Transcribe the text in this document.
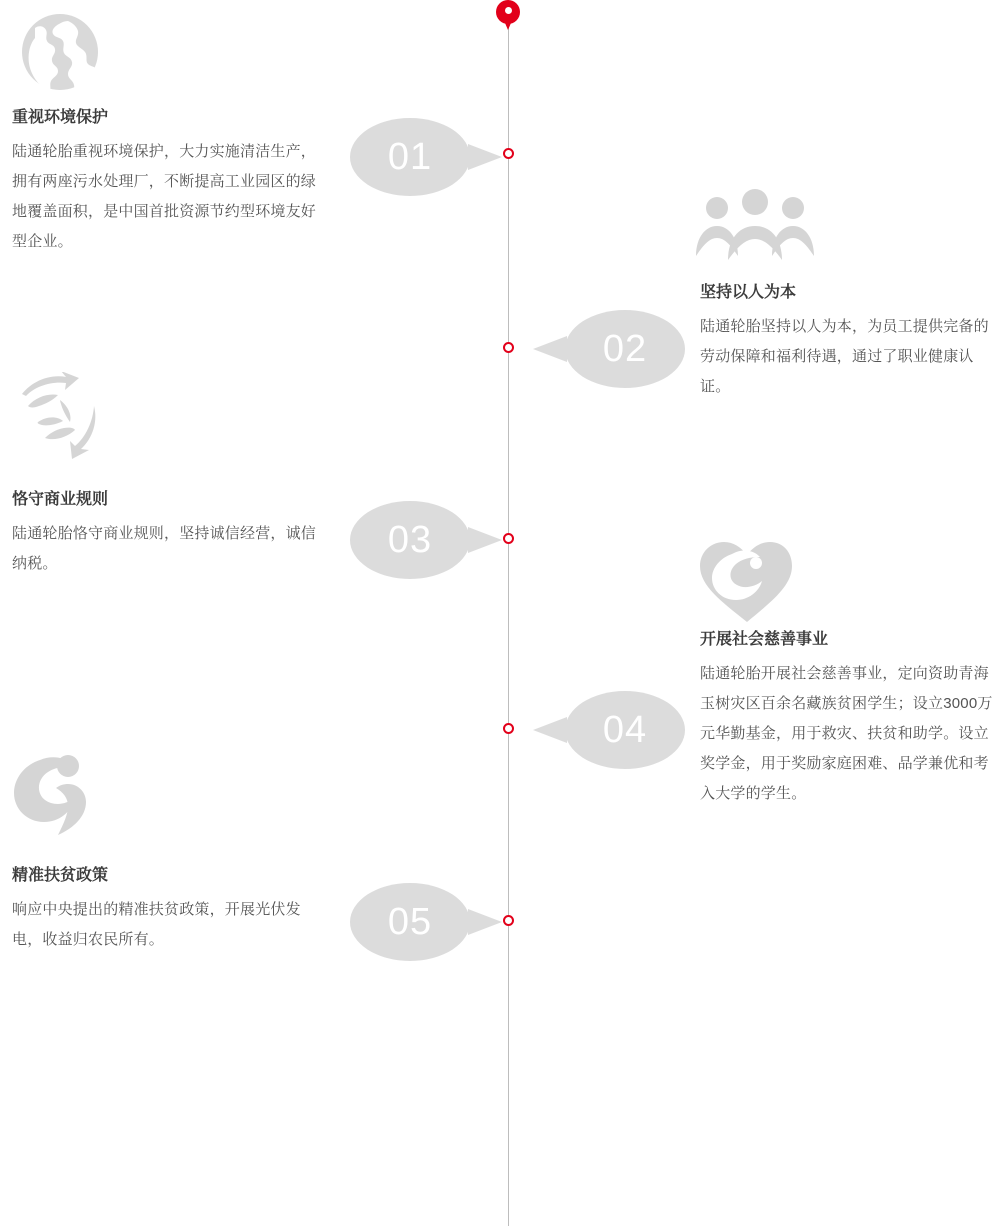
重视环境保护

陆通轮胎重视环境保护，大力实施清洁生产，拥有两座污水处理厂，不断提高工业园区的绿地覆盖面积，是中国首批资源节约型环境友好型企业。

01

坚持以人为本

陆通轮胎坚持以人为本，为员工提供完备的劳动保障和福利待遇，通过了职业健康认证。

02

恪守商业规则

陆通轮胎恪守商业规则，坚持诚信经营，诚信纳税。

03

开展社会慈善事业

陆通轮胎开展社会慈善事业，定向资助青海玉树灾区百余名藏族贫困学生；设立3000万元华勤基金，用于救灾、扶贫和助学。设立奖学金，用于奖励家庭困难、品学兼优和考入大学的学生。

04

精准扶贫政策

响应中央提出的精准扶贫政策，开展光伏发电，收益归农民所有。	05
